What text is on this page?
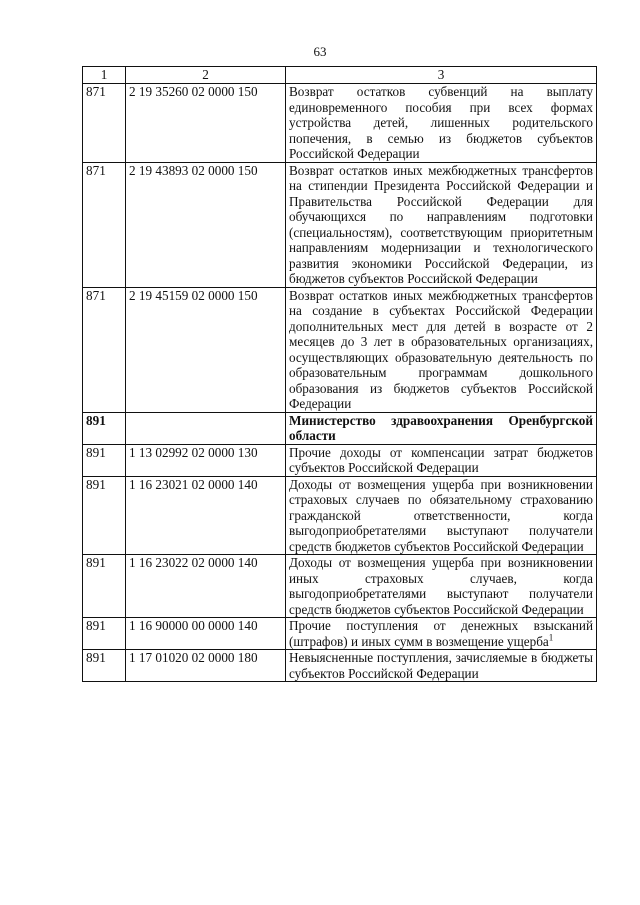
63
1	2	3
871	2 19 35260 02 0000 150	Возврат остатков субвенций на выплату единовременного пособия при всех формах устройства детей, лишенных родительского попечения, в семью из бюджетов субъектов Российской Федерации
871	2 19 43893 02 0000 150	Возврат остатков иных межбюджетных трансфертов на стипендии Президента Российской Федерации и Правительства Российской Федерации для обучающихся по направлениям подготовки (специальностям), соответствующим приоритетным направлениям модернизации и технологического развития экономики Российской Федерации, из бюджетов субъектов Российской Федерации
871	2 19 45159 02 0000 150	Возврат остатков иных межбюджетных трансфертов на создание в субъектах Российской Федерации дополнительных мест для детей в возрасте от 2 месяцев до 3 лет в образовательных организациях, осуществляющих образовательную деятельность по образовательным программам дошкольного образования из бюджетов субъектов Российской Федерации
891		Министерство здравоохранения Оренбургской области
891	1 13 02992 02 0000 130	Прочие доходы от компенсации затрат бюджетов субъектов Российской Федерации
891	1 16 23021 02 0000 140	Доходы от возмещения ущерба при возникновении страховых случаев по обязательному страхованию гражданской ответственности, когда выгодоприобретателями выступают получатели средств бюджетов субъектов Российской Федерации
891	1 16 23022 02 0000 140	Доходы от возмещения ущерба при возникновении иных страховых случаев, когда выгодоприобретателями выступают получатели средств бюджетов субъектов Российской Федерации
891	1 16 90000 00 0000 140	Прочие поступления от денежных взысканий (штрафов) и иных сумм в возмещение ущерба$^1$
891	1 17 01020 02 0000 180	Невыясненные поступления, зачисляемые в бюджеты субъектов Российской Федерации
